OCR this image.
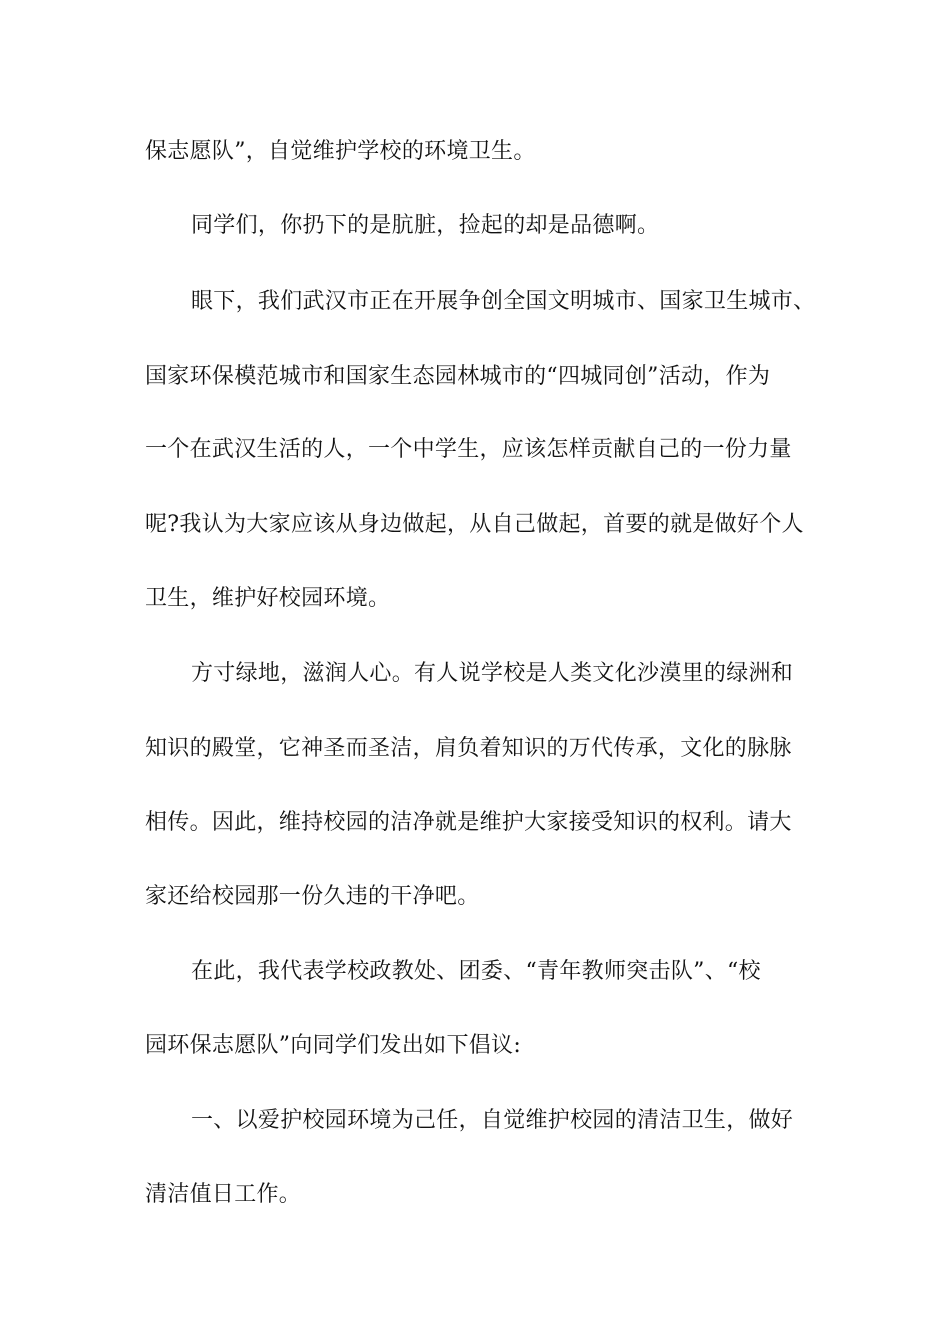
保志愿队”，自觉维护学校的环境卫生。
同学们，你扔下的是肮脏，捡起的却是品德啊。
眼下，我们武汉市正在开展争创全国文明城市、国家卫生城市、
国家环保模范城市和国家生态园林城市的“四城同创”活动，作为
一个在武汉生活的人，一个中学生，应该怎样贡献自己的一份力量
呢?我认为大家应该从身边做起，从自己做起，首要的就是做好个人
卫生，维护好校园环境。
方寸绿地，滋润人心。有人说学校是人类文化沙漠里的绿洲和
知识的殿堂，它神圣而圣洁，肩负着知识的万代传承，文化的脉脉
相传。因此，维持校园的洁净就是维护大家接受知识的权利。请大
家还给校园那一份久违的干净吧。
在此，我代表学校政教处、团委、“青年教师突击队”、“校
园环保志愿队”向同学们发出如下倡议:
一、以爱护校园环境为己任，自觉维护校园的清洁卫生，做好
清洁值日工作。
